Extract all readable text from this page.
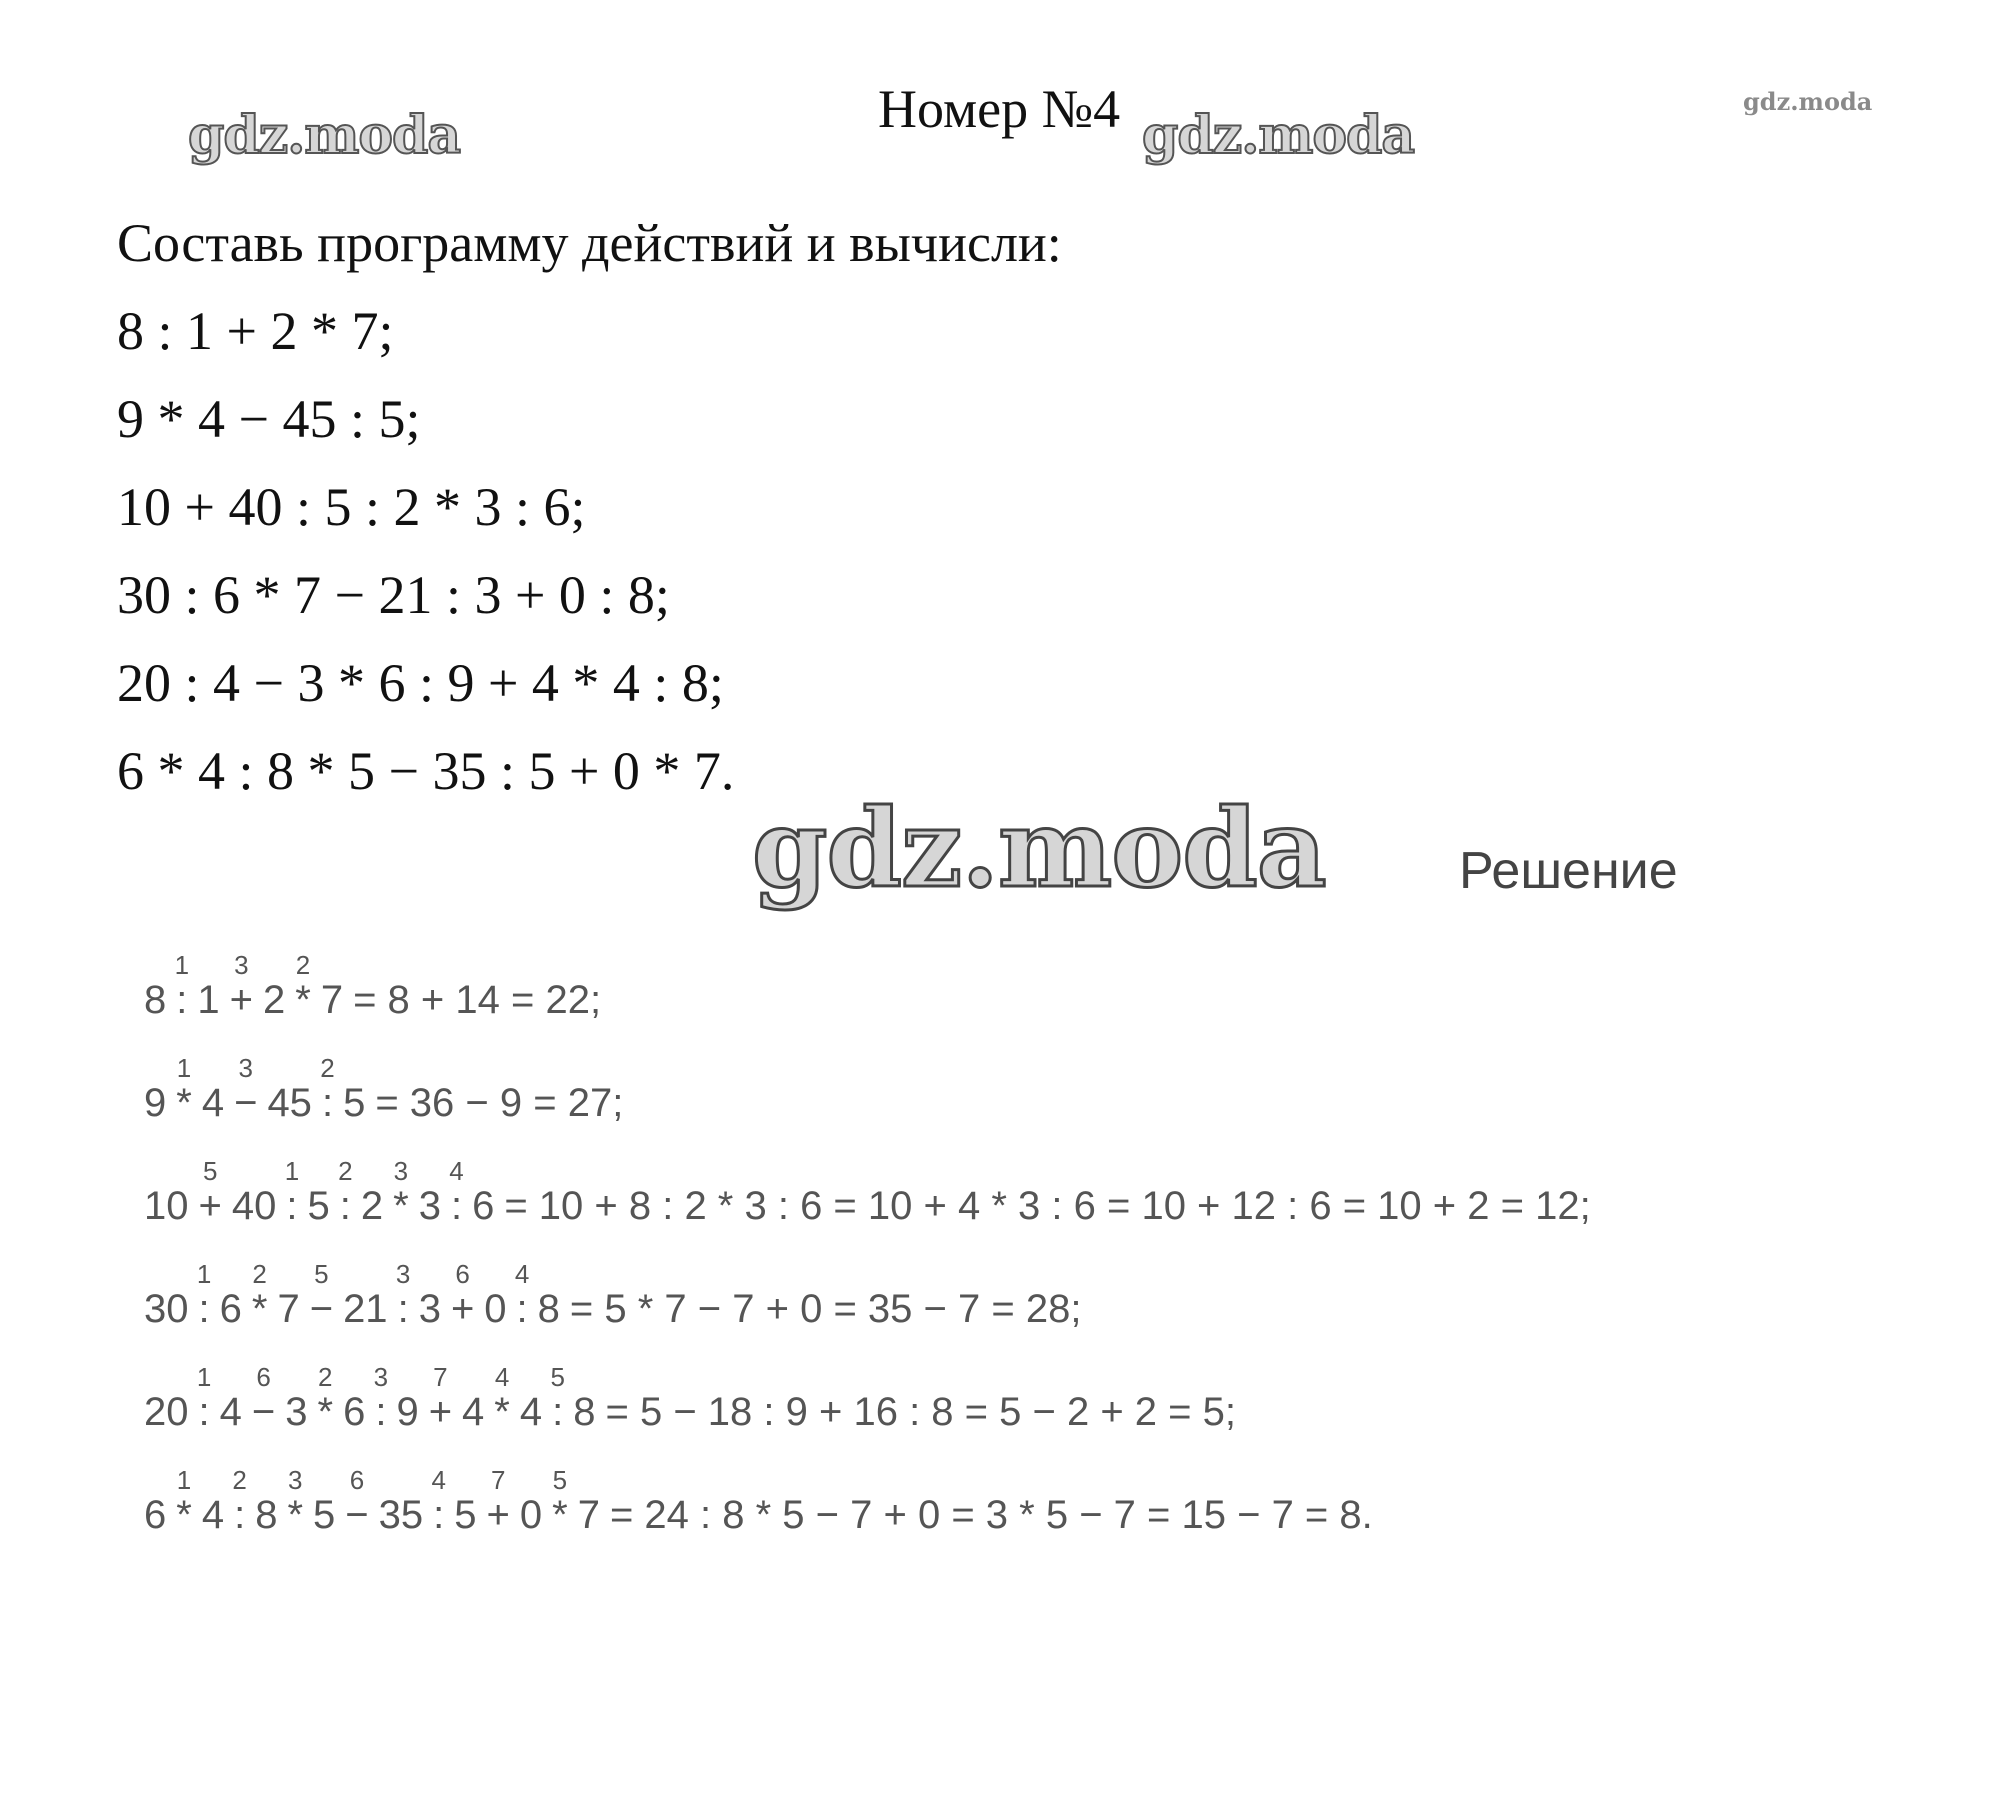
gdz.moda	gdz.moda
gdz.moda
gdz.moda
Номер №4
Составь программу действий и вычисли:
8 : 1 + 2 * 7;
9 * 4 − 45 : 5;
10 + 40 : 5 : 2 * 3 : 6;
30 : 6 * 7 − 21 : 3 + 0 : 8;
20 : 4 − 3 * 6 : 9 + 4 * 4 : 8;
6 * 4 : 8 * 5 − 35 : 5 + 0 * 7.
Решение
8 :
1
1 +
3
2 *
2
7 = 8 + 14 = 22;
9 *
1
4 −
3
45 :
2
5 = 36 − 9 = 27;
10 +
5
40 :
1
5 :
2
2 *
3
3 :
4
6 = 10 + 8 : 2 * 3 : 6 = 10 + 4 * 3 : 6 = 10 + 12 : 6 = 10 + 2 = 12;
30 :
1
6 *
2
7 −
5
21 :
3
3 +
6
0 :
4
8 = 5 * 7 − 7 + 0 = 35 − 7 = 28;
20 :
1
4 −
6
3 *
2
6 :
3
9 +
7
4 *
4
4 :
5
8 = 5 − 18 : 9 + 16 : 8 = 5 − 2 + 2 = 5;
6 *
1
4 :
2
8 *
3
5 −
6
35 :
4
5 +
7
0 *
5
7 = 24 : 8 * 5 − 7 + 0 = 3 * 5 − 7 = 15 − 7 = 8.
